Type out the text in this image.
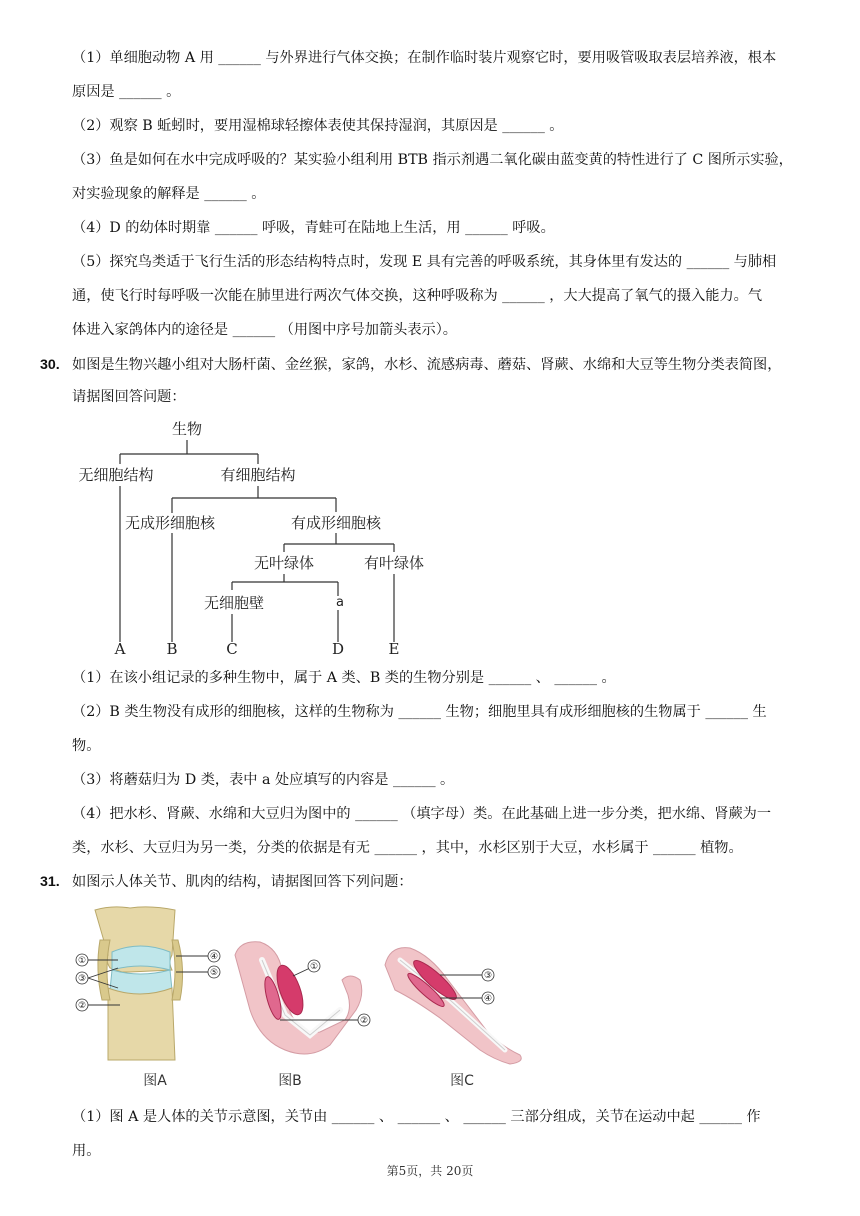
（1）单细胞动物 A 用 ______ 与外界进行气体交换；在制作临时装片观察它时，要用吸管吸取表层培养液，根本
原因是 ______ 。
（2）观察 B 蚯蚓时，要用湿棉球轻擦体表使其保持湿润，其原因是 ______ 。
（3）鱼是如何在水中完成呼吸的？某实验小组利用 BTB 指示剂遇二氧化碳由蓝变黄的特性进行了 C 图所示实验，
对实验现象的解释是 ______ 。
（4）D 的幼体时期靠 ______ 呼吸，青蛙可在陆地上生活，用 ______ 呼吸。
（5）探究鸟类适于飞行生活的形态结构特点时，发现 E 具有完善的呼吸系统，其身体里有发达的 ______ 与肺相
通，使飞行时每呼吸一次能在肺里进行两次气体交换，这种呼吸称为 ______ ，大大提高了氧气的摄入能力。气
体进入家鸽体内的途径是 ______ （用图中序号加箭头表示）。
30. 如图是生物兴趣小组对大肠杆菌、金丝猴，家鸽，水杉、流感病毒、蘑菇、肾蕨、水绵和大豆等生物分类表简图，
请据图回答问题：
生物
无细胞结构	有细胞结构
无成形细胞核	有成形细胞核
无叶绿体	有叶绿体
无细胞壁	a
A	B	C	D	E
（1）在该小组记录的多种生物中，属于 A 类、B 类的生物分别是 ______ 、 ______ 。
（2）B 类生物没有成形的细胞核，这样的生物称为 ______ 生物；细胞里具有成形细胞核的生物属于 ______ 生
物。
（3）将蘑菇归为 D 类，表中 a 处应填写的内容是 ______ 。
（4）把水杉、肾蕨、水绵和大豆归为图中的 ______ （填字母）类。在此基础上进一步分类，把水绵、肾蕨为一
类，水杉、大豆归为另一类，分类的依据是有无 ______ ，其中，水杉区别于大豆，水杉属于 ______ 植物。
31. 如图示人体关节、肌肉的结构，请据图回答下列问题：
①
③
②
④
⑤
图A
①
②
图B
③
④
图C
（1）图 A 是人体的关节示意图，关节由 ______ 、 ______ 、 ______ 三部分组成，关节在运动中起 ______ 作
用。
第5页，共 20页
